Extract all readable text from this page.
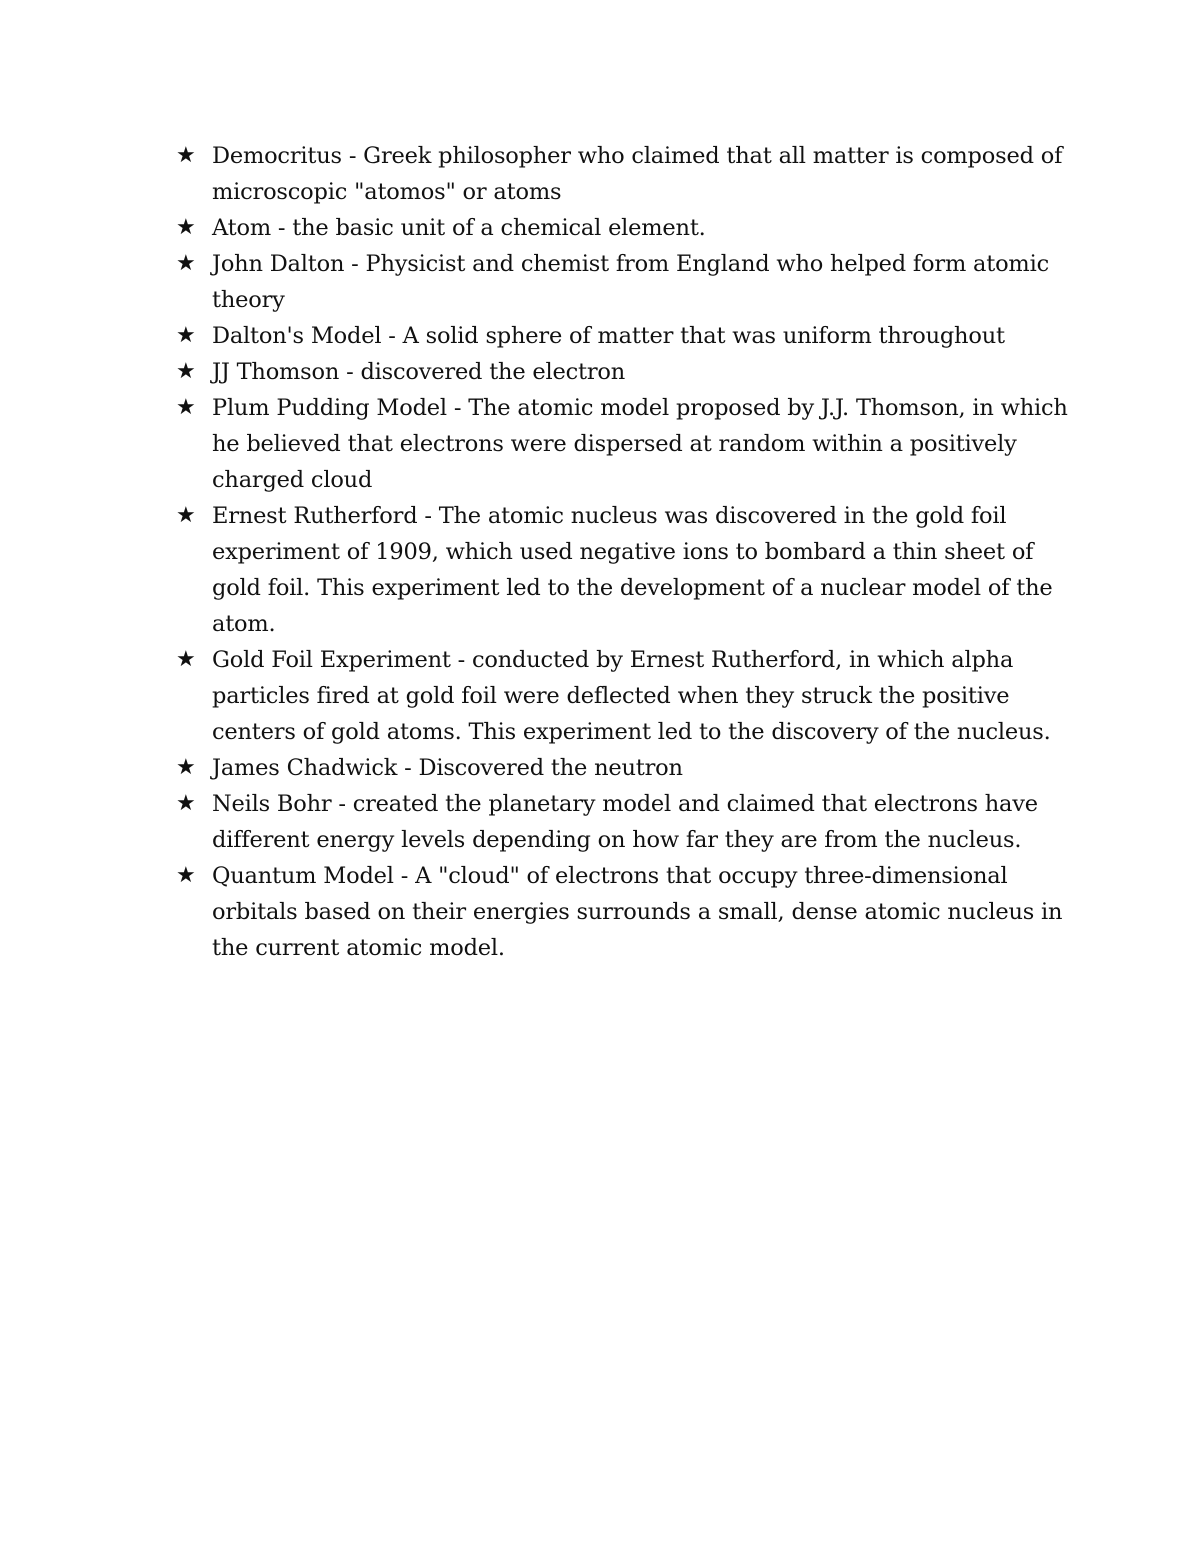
★ Democritus - Greek philosopher who claimed that all matter is composed of microscopic "atomos" or atoms
★ Atom - the basic unit of a chemical element.
★ John Dalton - Physicist and chemist from England who helped form atomic theory
★ Dalton's Model - A solid sphere of matter that was uniform throughout
★ JJ Thomson - discovered the electron
★ Plum Pudding Model - The atomic model proposed by J.J. Thomson, in which he believed that electrons were dispersed at random within a positively charged cloud
★ Ernest Rutherford - The atomic nucleus was discovered in the gold foil experiment of 1909, which used negative ions to bombard a thin sheet of gold foil. This experiment led to the development of a nuclear model of the atom.
★ Gold Foil Experiment - conducted by Ernest Rutherford, in which alpha particles fired at gold foil were deflected when they struck the positive centers of gold atoms. This experiment led to the discovery of the nucleus.
★ James Chadwick - Discovered the neutron
★ Neils Bohr - created the planetary model and claimed that electrons have different energy levels depending on how far they are from the nucleus.
★ Quantum Model - A "cloud" of electrons that occupy three-dimensional orbitals based on their energies surrounds a small, dense atomic nucleus in the current atomic model.
